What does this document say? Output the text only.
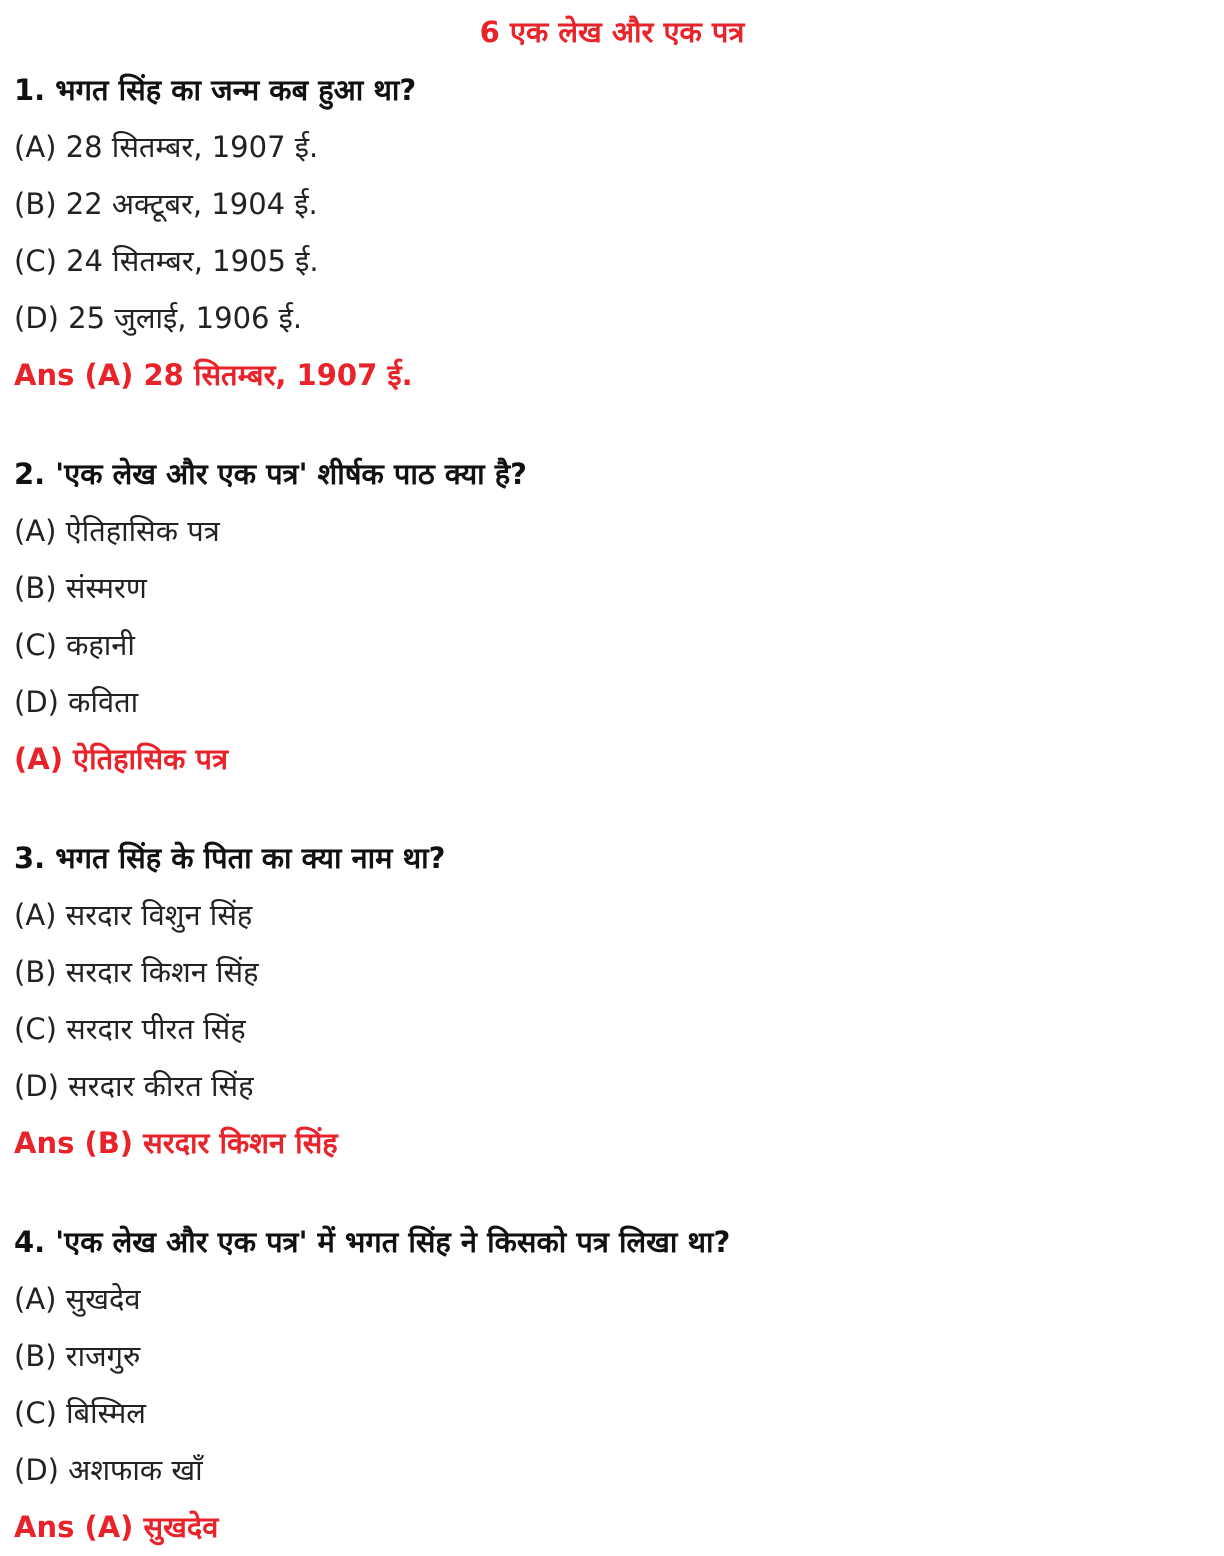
6 एक लेख और एक पत्र

1. भगत सिंह का जन्म कब हुआ था?

(A) 28 सितम्बर, 1907 ई.

(B) 22 अक्टूबर, 1904 ई.

(C) 24 सितम्बर, 1905 ई.

(D) 25 जुलाई, 1906 ई.

Ans (A) 28 सितम्बर, 1907 ई.

2. 'एक लेख और एक पत्र' शीर्षक पाठ क्या है?

(A) ऐतिहासिक पत्र

(B) संस्मरण

(C) कहानी

(D) कविता

(A) ऐतिहासिक पत्र

3. भगत सिंह के पिता का क्या नाम था?

(A) सरदार विशुन सिंह

(B) सरदार किशन सिंह

(C) सरदार पीरत सिंह

(D) सरदार कीरत सिंह

Ans (B) सरदार किशन सिंह

4. 'एक लेख और एक पत्र' में भगत सिंह ने किसको पत्र लिखा था?

(A) सुखदेव

(B) राजगुरु

(C) बिस्मिल

(D) अशफाक खाँ

Ans (A) सुखदेव
